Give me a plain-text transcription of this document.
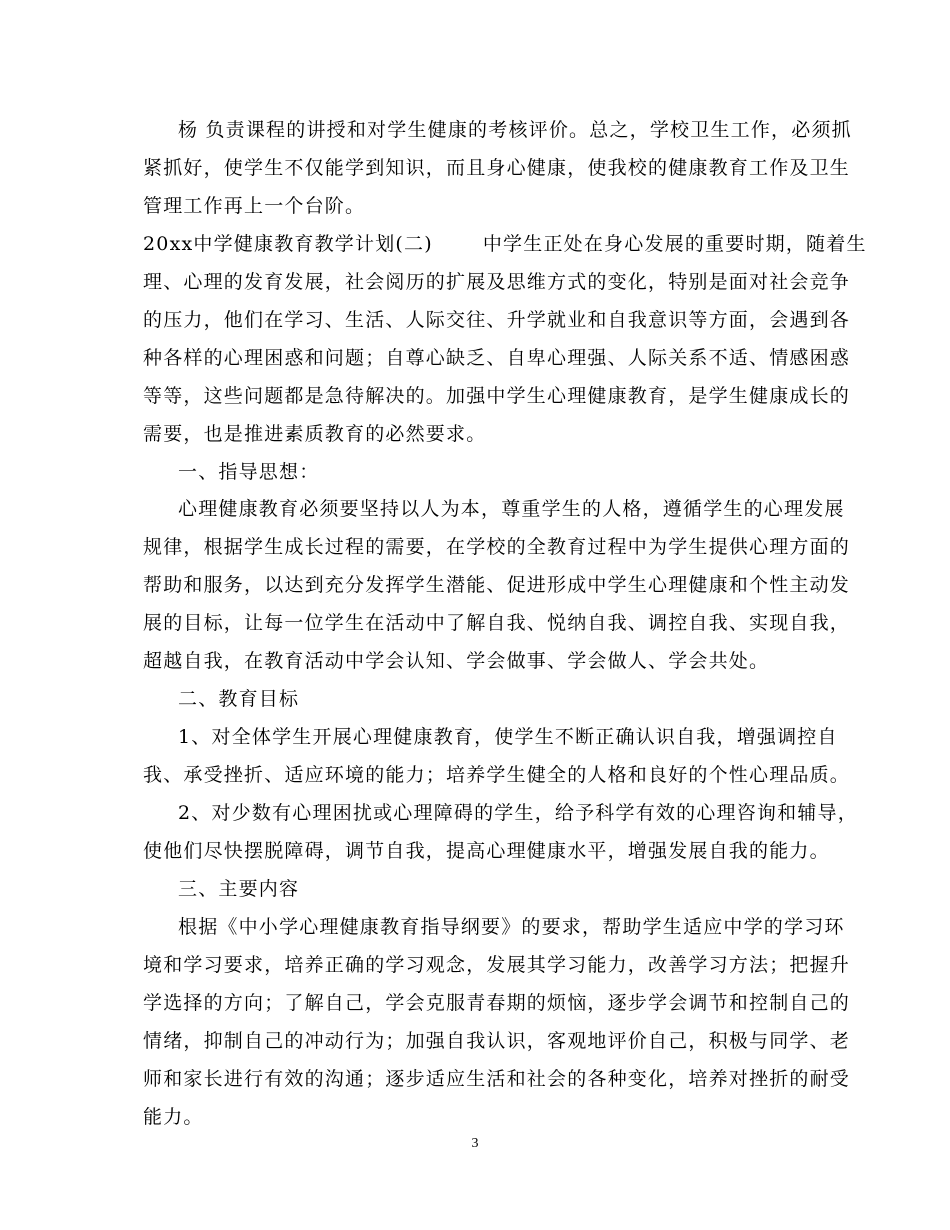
杨 负责课程的讲授和对学生健康的考核评价。总之，学校卫生工作，必须抓
紧抓好，使学生不仅能学到知识，而且身心健康，使我校的健康教育工作及卫生
管理工作再上一个台阶。
20xx中学健康教育教学计划(二)	中学生正处在身心发展的重要时期，随着生
理、心理的发育发展，社会阅历的扩展及思维方式的变化，特别是面对社会竞争
的压力，他们在学习、生活、人际交往、升学就业和自我意识等方面，会遇到各
种各样的心理困惑和问题；自尊心缺乏、自卑心理强、人际关系不适、情感困惑
等等，这些问题都是急待解决的。加强中学生心理健康教育，是学生健康成长的
需要，也是推进素质教育的必然要求。
一、指导思想：
心理健康教育必须要坚持以人为本，尊重学生的人格，遵循学生的心理发展
规律，根据学生成长过程的需要，在学校的全教育过程中为学生提供心理方面的
帮助和服务，以达到充分发挥学生潜能、促进形成中学生心理健康和个性主动发
展的目标，让每一位学生在活动中了解自我、悦纳自我、调控自我、实现自我，
超越自我，在教育活动中学会认知、学会做事、学会做人、学会共处。
二、教育目标
1、对全体学生开展心理健康教育，使学生不断正确认识自我，增强调控自
我、承受挫折、适应环境的能力；培养学生健全的人格和良好的个性心理品质。
2、对少数有心理困扰或心理障碍的学生，给予科学有效的心理咨询和辅导，
使他们尽快摆脱障碍，调节自我，提高心理健康水平，增强发展自我的能力。
三、主要内容
根据《中小学心理健康教育指导纲要》的要求，帮助学生适应中学的学习环
境和学习要求，培养正确的学习观念，发展其学习能力，改善学习方法；把握升
学选择的方向；了解自己，学会克服青春期的烦恼，逐步学会调节和控制自己的
情绪，抑制自己的冲动行为；加强自我认识，客观地评价自己，积极与同学、老
师和家长进行有效的沟通；逐步适应生活和社会的各种变化，培养对挫折的耐受
能力。
3
